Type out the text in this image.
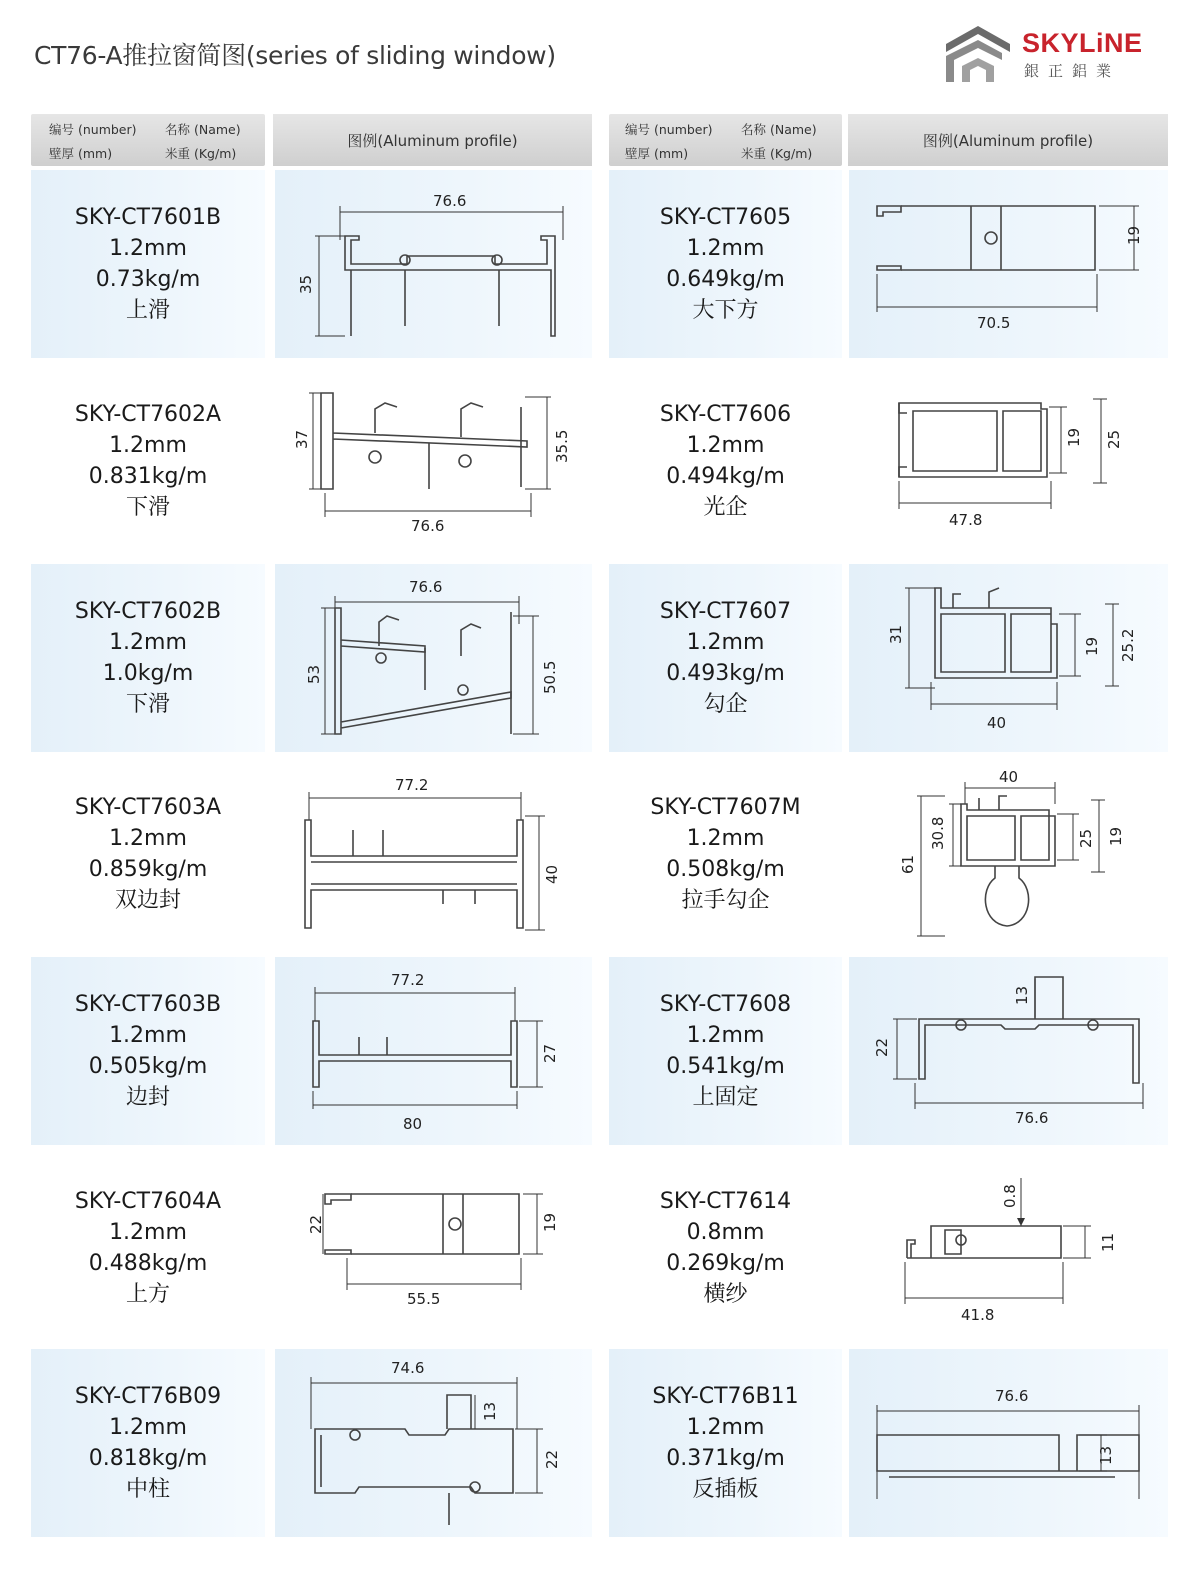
CT76-A推拉窗简图(series of sliding window)	SKYLiNE
銀正鋁業
编号 (number) 名称 (Name)
壁厚 (mm)	米重 (Kg/m)
图例(Aluminum profile)
编号 (number) 名称 (Name)
壁厚 (mm)	米重 (Kg/m)
图例(Aluminum profile)
SKY-CT7601B
1.2mm
0.73kg/m
上滑
76.6
35
SKY-CT7605
1.2mm
0.649kg/m
大下方
19
70.5
SKY-CT7602A
1.2mm
0.831kg/m
下滑
37	35.5
76.6
SKY-CT7606
1.2mm
0.494kg/m
光企
19 25
47.8
SKY-CT7602B
1.2mm
1.0kg/m
下滑
76.6
53	50.5
SKY-CT7607
1.2mm
0.493kg/m
勾企
31
19 25.2
40
SKY-CT7603A
1.2mm
0.859kg/m
双边封
77.2
40
SKY-CT7607M
1.2mm
0.508kg/m
拉手勾企
40
30.8
61
25 19
SKY-CT7603B
1.2mm
0.505kg/m
边封
77.2
27
80
SKY-CT7608
1.2mm
0.541kg/m
上固定
13
22
76.6
SKY-CT7604A
1.2mm
0.488kg/m
上方
22	19
55.5
SKY-CT7614
0.8mm
0.269kg/m
横纱
0.8
11
41.8
SKY-CT76B09
1.2mm
0.818kg/m
中柱
74.6
13
22
SKY-CT76B11
1.2mm
0.371kg/m
反插板
76.6
13
